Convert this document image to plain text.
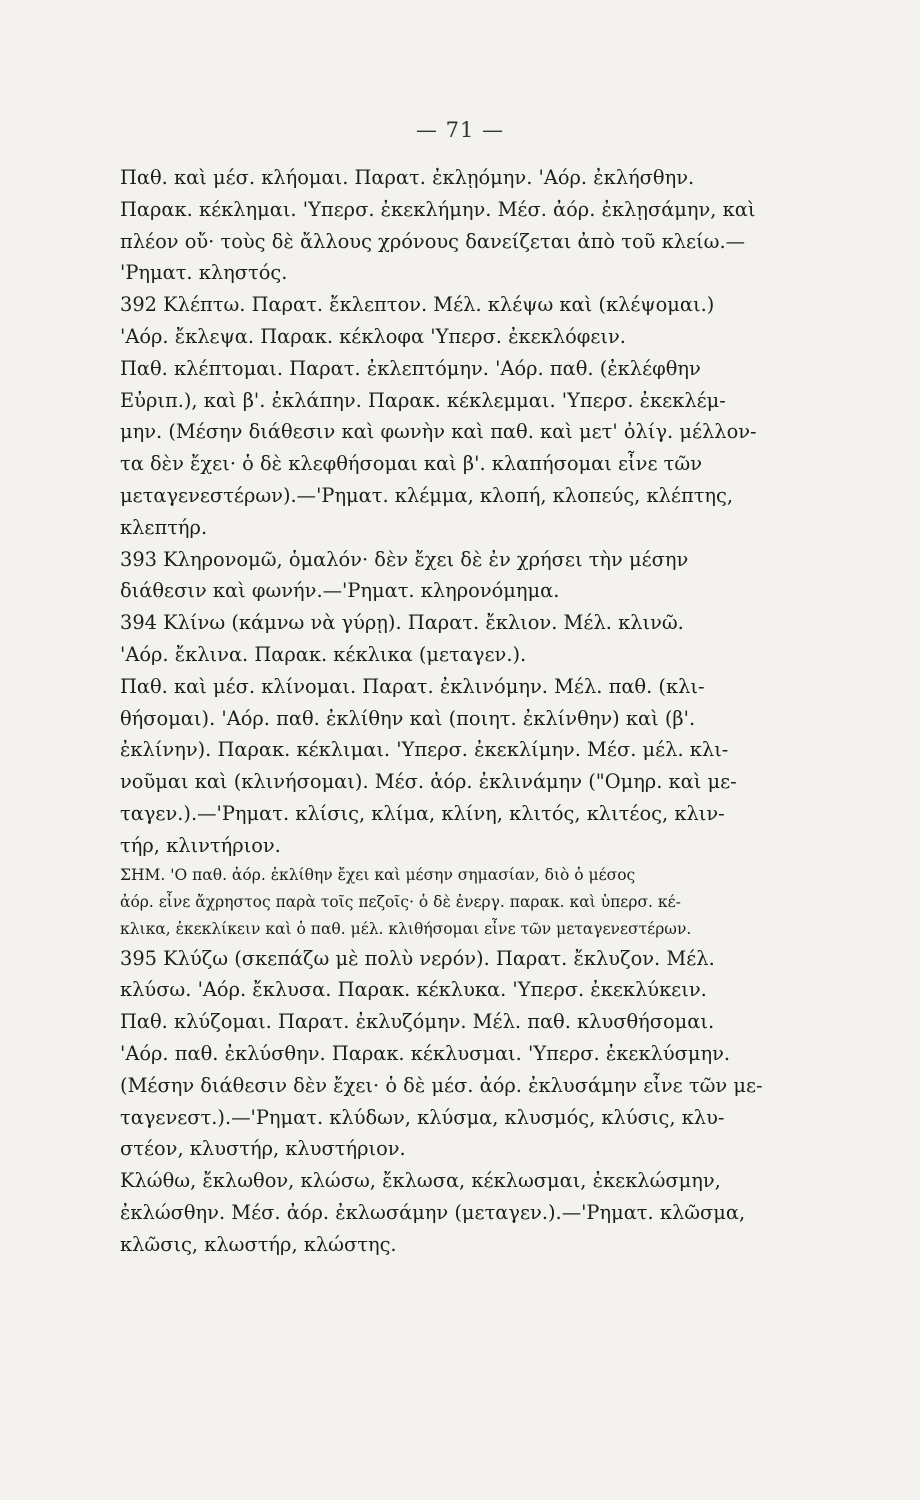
— 71 —
Παθ. καὶ μέσ. κλήομαι. Παρατ. ἐκλῃόμην. 'Αόρ. ἐκλήσθην.
Παρακ. κέκλημαι. 'Υπερσ. ἐκεκλήμην. Μέσ. ἀόρ. ἐκλῃσάμην, καὶ
πλέον οὔ· τοὺς δὲ ἄλλους χρόνους δανείζεται ἀπὸ τοῦ κλείω.—
'Ρηματ. κληστός.
392 Κλέπτω. Παρατ. ἔκλεπτον. Μέλ. κλέψω καὶ (κλέψομαι.)
'Αόρ. ἔκλεψα. Παρακ. κέκλοφα 'Υπερσ. ἐκεκλόφειν.
Παθ. κλέπτομαι. Παρατ. ἐκλεπτόμην. 'Αόρ. παθ. (ἐκλέφθην
Εὐριπ.), καὶ β'. ἐκλάπην. Παρακ. κέκλεμμαι. 'Υπερσ. ἐκεκλέμ-
μην. (Μέσην διάθεσιν καὶ φωνὴν καὶ παθ. καὶ μετ' ὀλίγ. μέλλον-
τα δὲν ἔχει· ὁ δὲ κλεφθήσομαι καὶ β'. κλαπήσομαι εἶνε τῶν
μεταγενεστέρων).—'Ρηματ. κλέμμα, κλοπή, κλοπεύς, κλέπτης,
κλεπτήρ.
393 Κληρονομῶ, ὁμαλόν· δὲν ἔχει δὲ ἐν χρήσει τὴν μέσην
διάθεσιν καὶ φωνήν.—'Ρηματ. κληρονόμημα.
394 Κλίνω (κάμνω νὰ γύρῃ). Παρατ. ἔκλιον. Μέλ. κλινῶ.
'Αόρ. ἔκλινα. Παρακ. κέκλικα (μεταγεν.).
Παθ. καὶ μέσ. κλίνομαι. Παρατ. ἐκλινόμην. Μέλ. παθ. (κλι-
θήσομαι). 'Αόρ. παθ. ἐκλίθην καὶ (ποιητ. ἐκλίνθην) καὶ (β'.
ἐκλίνην). Παρακ. κέκλιμαι. 'Υπερσ. ἐκεκλίμην. Μέσ. μέλ. κλι-
νοῦμαι καὶ (κλινήσομαι). Μέσ. ἀόρ. ἐκλινάμην ("Ομηρ. καὶ με-
ταγεν.).—'Ρηματ. κλίσις, κλίμα, κλίνη, κλιτός, κλιτέος, κλιν-
τήρ, κλιντήριον.
ΣΗΜ. 'Ο παθ. ἀόρ. ἐκλίθην ἔχει καὶ μέσην σημασίαν, διὸ ὁ μέσος
ἀόρ. εἶνε ἄχρηστος παρὰ τοῖς πεζοῖς· ὁ δὲ ἐνεργ. παρακ. καὶ ὑπερσ. κέ-
κλικα, ἐκεκλίκειν καὶ ὁ παθ. μέλ. κλιθήσομαι εἶνε τῶν μεταγενεστέρων.
395 Κλύζω (σκεπάζω μὲ πολὺ νερόν). Παρατ. ἔκλυζον. Μέλ.
κλύσω. 'Αόρ. ἔκλυσα. Παρακ. κέκλυκα. 'Υπερσ. ἐκεκλύκειν.
Παθ. κλύζομαι. Παρατ. ἐκλυζόμην. Μέλ. παθ. κλυσθήσομαι.
'Αόρ. παθ. ἐκλύσθην. Παρακ. κέκλυσμαι. 'Υπερσ. ἐκεκλύσμην.
(Μέσην διάθεσιν δὲν ἔχει· ὁ δὲ μέσ. ἀόρ. ἐκλυσάμην εἶνε τῶν με-
ταγενεστ.).—'Ρηματ. κλύδων, κλύσμα, κλυσμός, κλύσις, κλυ-
στέον, κλυστήρ, κλυστήριον.
Κλώθω, ἔκλωθον, κλώσω, ἔκλωσα, κέκλωσμαι, ἐκεκλώσμην,
ἐκλώσθην. Μέσ. ἀόρ. ἐκλωσάμην (μεταγεν.).—'Ρηματ. κλῶσμα,
κλῶσις, κλωστήρ, κλώστης.
